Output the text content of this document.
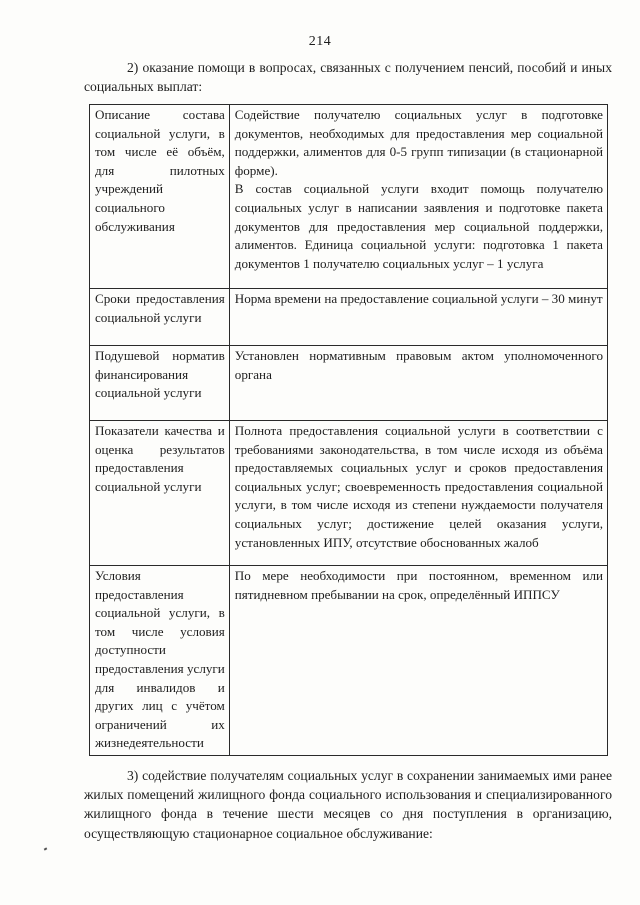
214
2) оказание помощи в вопросах, связанных с получением пенсий, пособий и иных социальных выплат:
Описание состава социальной услуги, в том числе её объём, для пилотных учреждений социального обслуживания	Содействие получателю социальных услуг в подготовке документов, необходимых для предоставления мер социальной поддержки, алиментов для 0-5 групп типизации (в стационарной форме).

В состав социальной услуги входит помощь получателю социальных услуг в написании заявления и подготовке пакета документов для предоставления мер социальной поддержки, алиментов. Единица социальной услуги: подготовка 1 пакета документов 1 получателю социальных услуг – 1 услуга

Сроки предоставления социальной услуги	Норма времени на предоставление социальной услуги – 30 минут

Подушевой норматив финансирования социальной услуги	Установлен нормативным правовым актом уполномоченного органа

Показатели качества и оценка результатов предоставления социальной услуги	Полнота предоставления социальной услуги в соответствии с требованиями законодательства, в том числе исходя из объёма предоставляемых социальных услуг и сроков предоставления социальных услуг; своевременность предоставления социальной услуги, в том числе исходя из степени нуждаемости получателя социальных услуг; достижение целей оказания услуги, установленных ИПУ, отсутствие обоснованных жалоб

Условия предоставления социальной услуги, в том числе условия доступности предоставления услуги для инвалидов и других лиц с учётом ограничений их жизнедеятельности	По мере необходимости при постоянном, временном или пятидневном пребывании на срок, определённый ИППСУ

3) содействие получателям социальных услуг в сохранении занимаемых ими ранее жилых помещений жилищного фонда социального использования и специализированного жилищного фонда в течение шести месяцев со дня поступления в организацию, осуществляющую стационарное социальное обслуживание:
